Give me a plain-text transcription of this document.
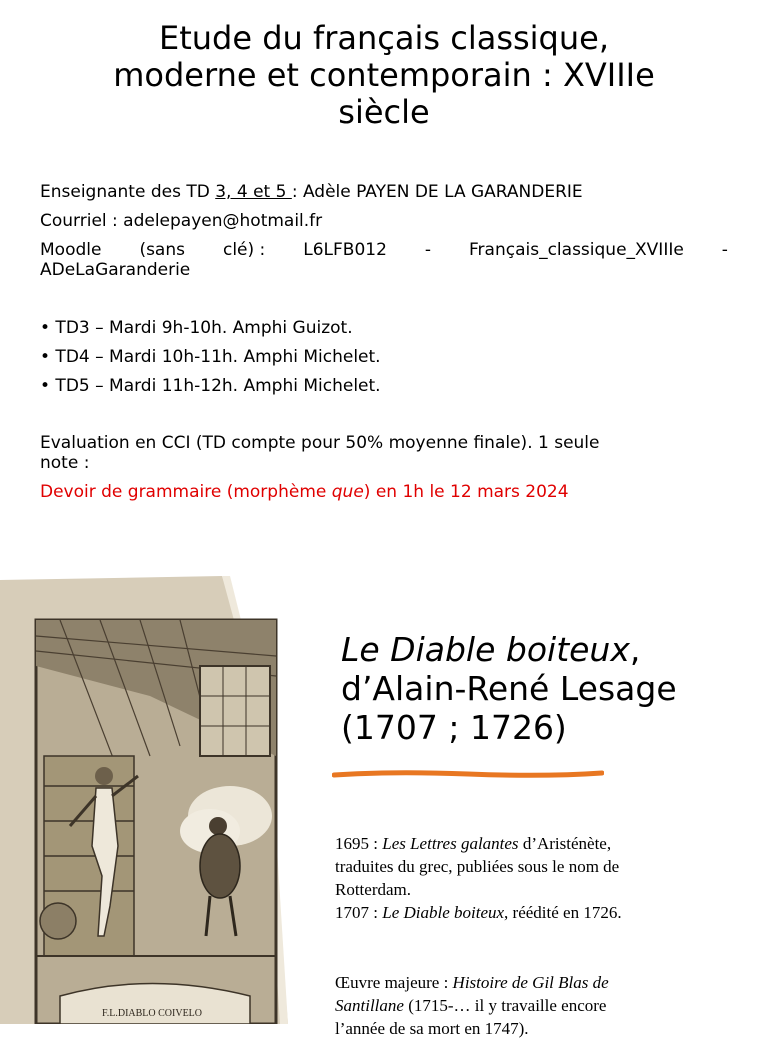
Etude du français classique,
moderne et contemporain : XVIIIe
siècle
Enseignante des TD 3, 4 et 5 : Adèle PAYEN DE LA GARANDERIE
Courriel : adelepayen@hotmail.fr
Moodle (sans clé) : L6LFB012 - Français_classique_XVIIIe -
ADeLaGaranderie
• TD3 – Mardi 9h-10h. Amphi Guizot.
• TD4 – Mardi 10h-11h. Amphi Michelet.
• TD5 – Mardi 11h-12h. Amphi Michelet.
Evaluation en CCI (TD compte pour 50% moyenne finale). 1 seule
note :
Devoir de grammaire (morphème que) en 1h le 12 mars 2024
F.L.DIABLO COIVELO
Le Diable boiteux,
d’Alain-René Lesage
(1707 ; 1726)
1695 : Les Lettres galantes d’Aristénète,
traduites du grec, publiées sous le nom de
Rotterdam.
1707 : Le Diable boiteux, réédité en 1726.
Œuvre majeure : Histoire de Gil Blas de
Santillane (1715-… il y travaille encore
l’année de sa mort en 1747).
